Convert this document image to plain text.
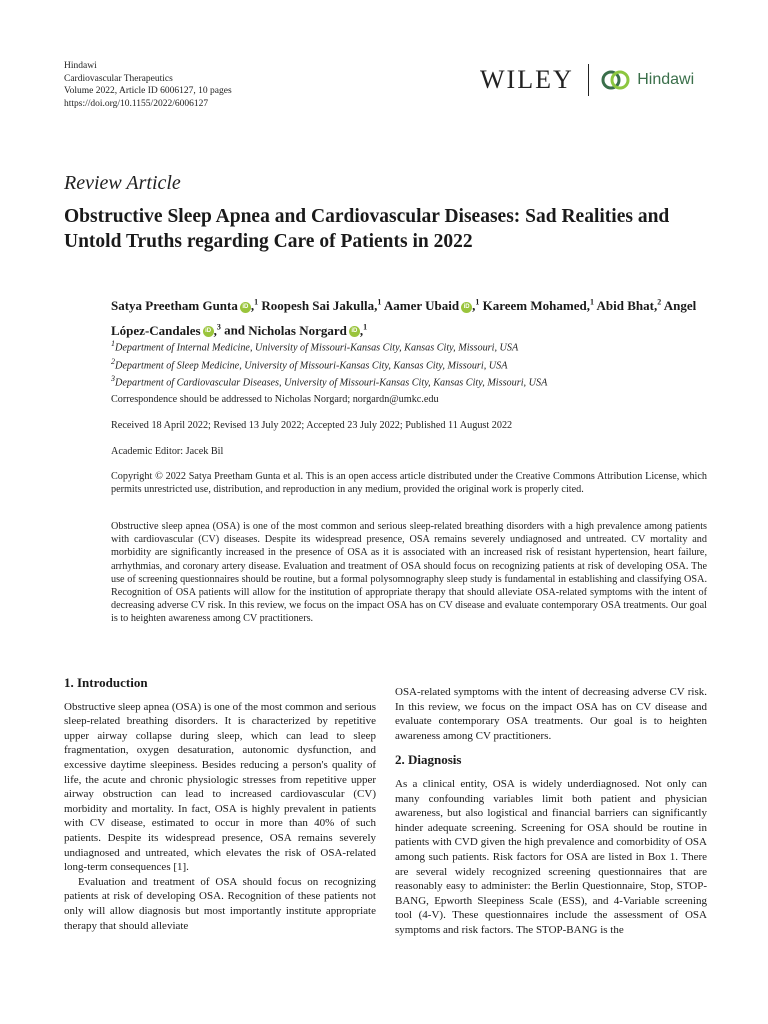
Hindawi
Cardiovascular Therapeutics
Volume 2022, Article ID 6006127, 10 pages
https://doi.org/10.1155/2022/6006127
WILEY	Hindawi
Review Article
Obstructive Sleep Apnea and Cardiovascular Diseases: Sad Realities and Untold Truths regarding Care of Patients in 2022
Satya Preetham Gunta iD ,$^1$ Roopesh Sai Jakulla,$^1$ Aamer Ubaid iD ,$^1$ Kareem Mohamed,$^1$ Abid Bhat,$^2$ Angel López-Candales iD ,$^3$ and Nicholas Norgard iD ,$^1$
$^1$Department of Internal Medicine, University of Missouri-Kansas City, Kansas City, Missouri, USA
$^2$Department of Sleep Medicine, University of Missouri-Kansas City, Kansas City, Missouri, USA
$^3$Department of Cardiovascular Diseases, University of Missouri-Kansas City, Kansas City, Missouri, USA
Correspondence should be addressed to Nicholas Norgard; norgardn@umkc.edu
Received 18 April 2022; Revised 13 July 2022; Accepted 23 July 2022; Published 11 August 2022
Academic Editor: Jacek Bil
Copyright © 2022 Satya Preetham Gunta et al. This is an open access article distributed under the Creative Commons Attribution License, which permits unrestricted use, distribution, and reproduction in any medium, provided the original work is properly cited.
Obstructive sleep apnea (OSA) is one of the most common and serious sleep-related breathing disorders with a high prevalence among patients with cardiovascular (CV) diseases. Despite its widespread presence, OSA remains severely undiagnosed and untreated. CV mortality and morbidity are significantly increased in the presence of OSA as it is associated with an increased risk of resistant hypertension, heart failure, arrhythmias, and coronary artery disease. Evaluation and treatment of OSA should focus on recognizing patients at risk of developing OSA. The use of screening questionnaires should be routine, but a formal polysomnography sleep study is fundamental in establishing and classifying OSA. Recognition of OSA patients will allow for the institution of appropriate therapy that should alleviate OSA-related symptoms with the intent of decreasing adverse CV risk. In this review, we focus on the impact OSA has on CV disease and evaluate contemporary OSA treatments. Our goal is to heighten awareness among CV practitioners.
1. Introduction

Obstructive sleep apnea (OSA) is one of the most common and serious sleep-related breathing disorders. It is characterized by repetitive upper airway collapse during sleep, which can lead to sleep fragmentation, oxygen desaturation, autonomic dysfunction, and excessive daytime sleepiness. Besides reducing a person's quality of life, the acute and chronic physiologic stresses from repetitive upper airway obstruction can lead to increased cardiovascular (CV) morbidity and mortality. In fact, OSA is highly prevalent in patients with CV disease, estimated to occur in more than 40% of such patients. Despite its widespread presence, OSA remains severely undiagnosed and untreated, which elevates the risk of OSA-related long-term consequences [1].

Evaluation and treatment of OSA should focus on recognizing patients at risk of developing OSA. Recognition of these patients not only will allow diagnosis but most importantly institute appropriate therapy that should alleviate

OSA-related symptoms with the intent of decreasing adverse CV risk. In this review, we focus on the impact OSA has on CV disease and evaluate contemporary OSA treatments. Our goal is to heighten awareness among CV practitioners.

2. Diagnosis

As a clinical entity, OSA is widely underdiagnosed. Not only can many confounding variables limit both patient and physician awareness, but also logistical and financial barriers can significantly hinder adequate screening. Screening for OSA should be routine in patients with CVD given the high prevalence and comorbidity of OSA among such patients. Risk factors for OSA are listed in Box 1. There are several widely recognized screening questionnaires that are reasonably easy to administer: the Berlin Questionnaire, Stop, STOP-BANG, Epworth Sleepiness Scale (ESS), and 4-Variable screening tool (4-V). These questionnaires include the assessment of OSA symptoms and risk factors. The STOP-BANG is the
